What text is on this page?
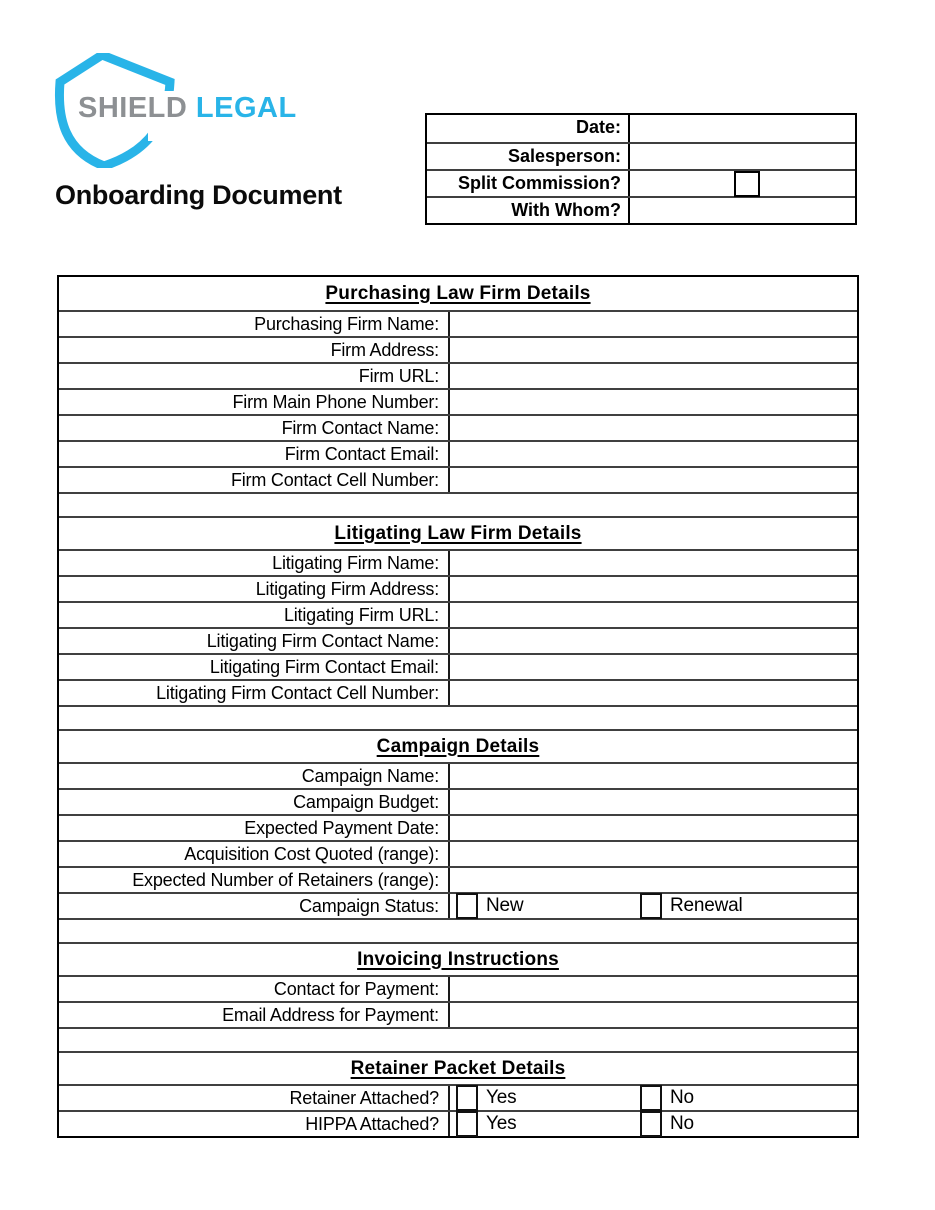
SHIELD LEGAL
Onboarding Document
Date:
Salesperson:
Split Commission?
With Whom?
Purchasing Law Firm Details
Purchasing Firm Name:
Firm Address:
Firm URL:
Firm Main Phone Number:
Firm Contact Name:
Firm Contact Email:
Firm Contact Cell Number:
Litigating Law Firm Details
Litigating Firm Name:
Litigating Firm Address:
Litigating Firm URL:
Litigating Firm Contact Name:
Litigating Firm Contact Email:
Litigating Firm Contact Cell Number:
Campaign Details
Campaign Name:
Campaign Budget:
Expected Payment Date:
Acquisition Cost Quoted (range):
Expected Number of Retainers (range):
Campaign Status:	New	Renewal
Invoicing Instructions
Contact for Payment:
Email Address for Payment:
Retainer Packet Details
Retainer Attached?	Yes	No
HIPPA Attached?	Yes	No
